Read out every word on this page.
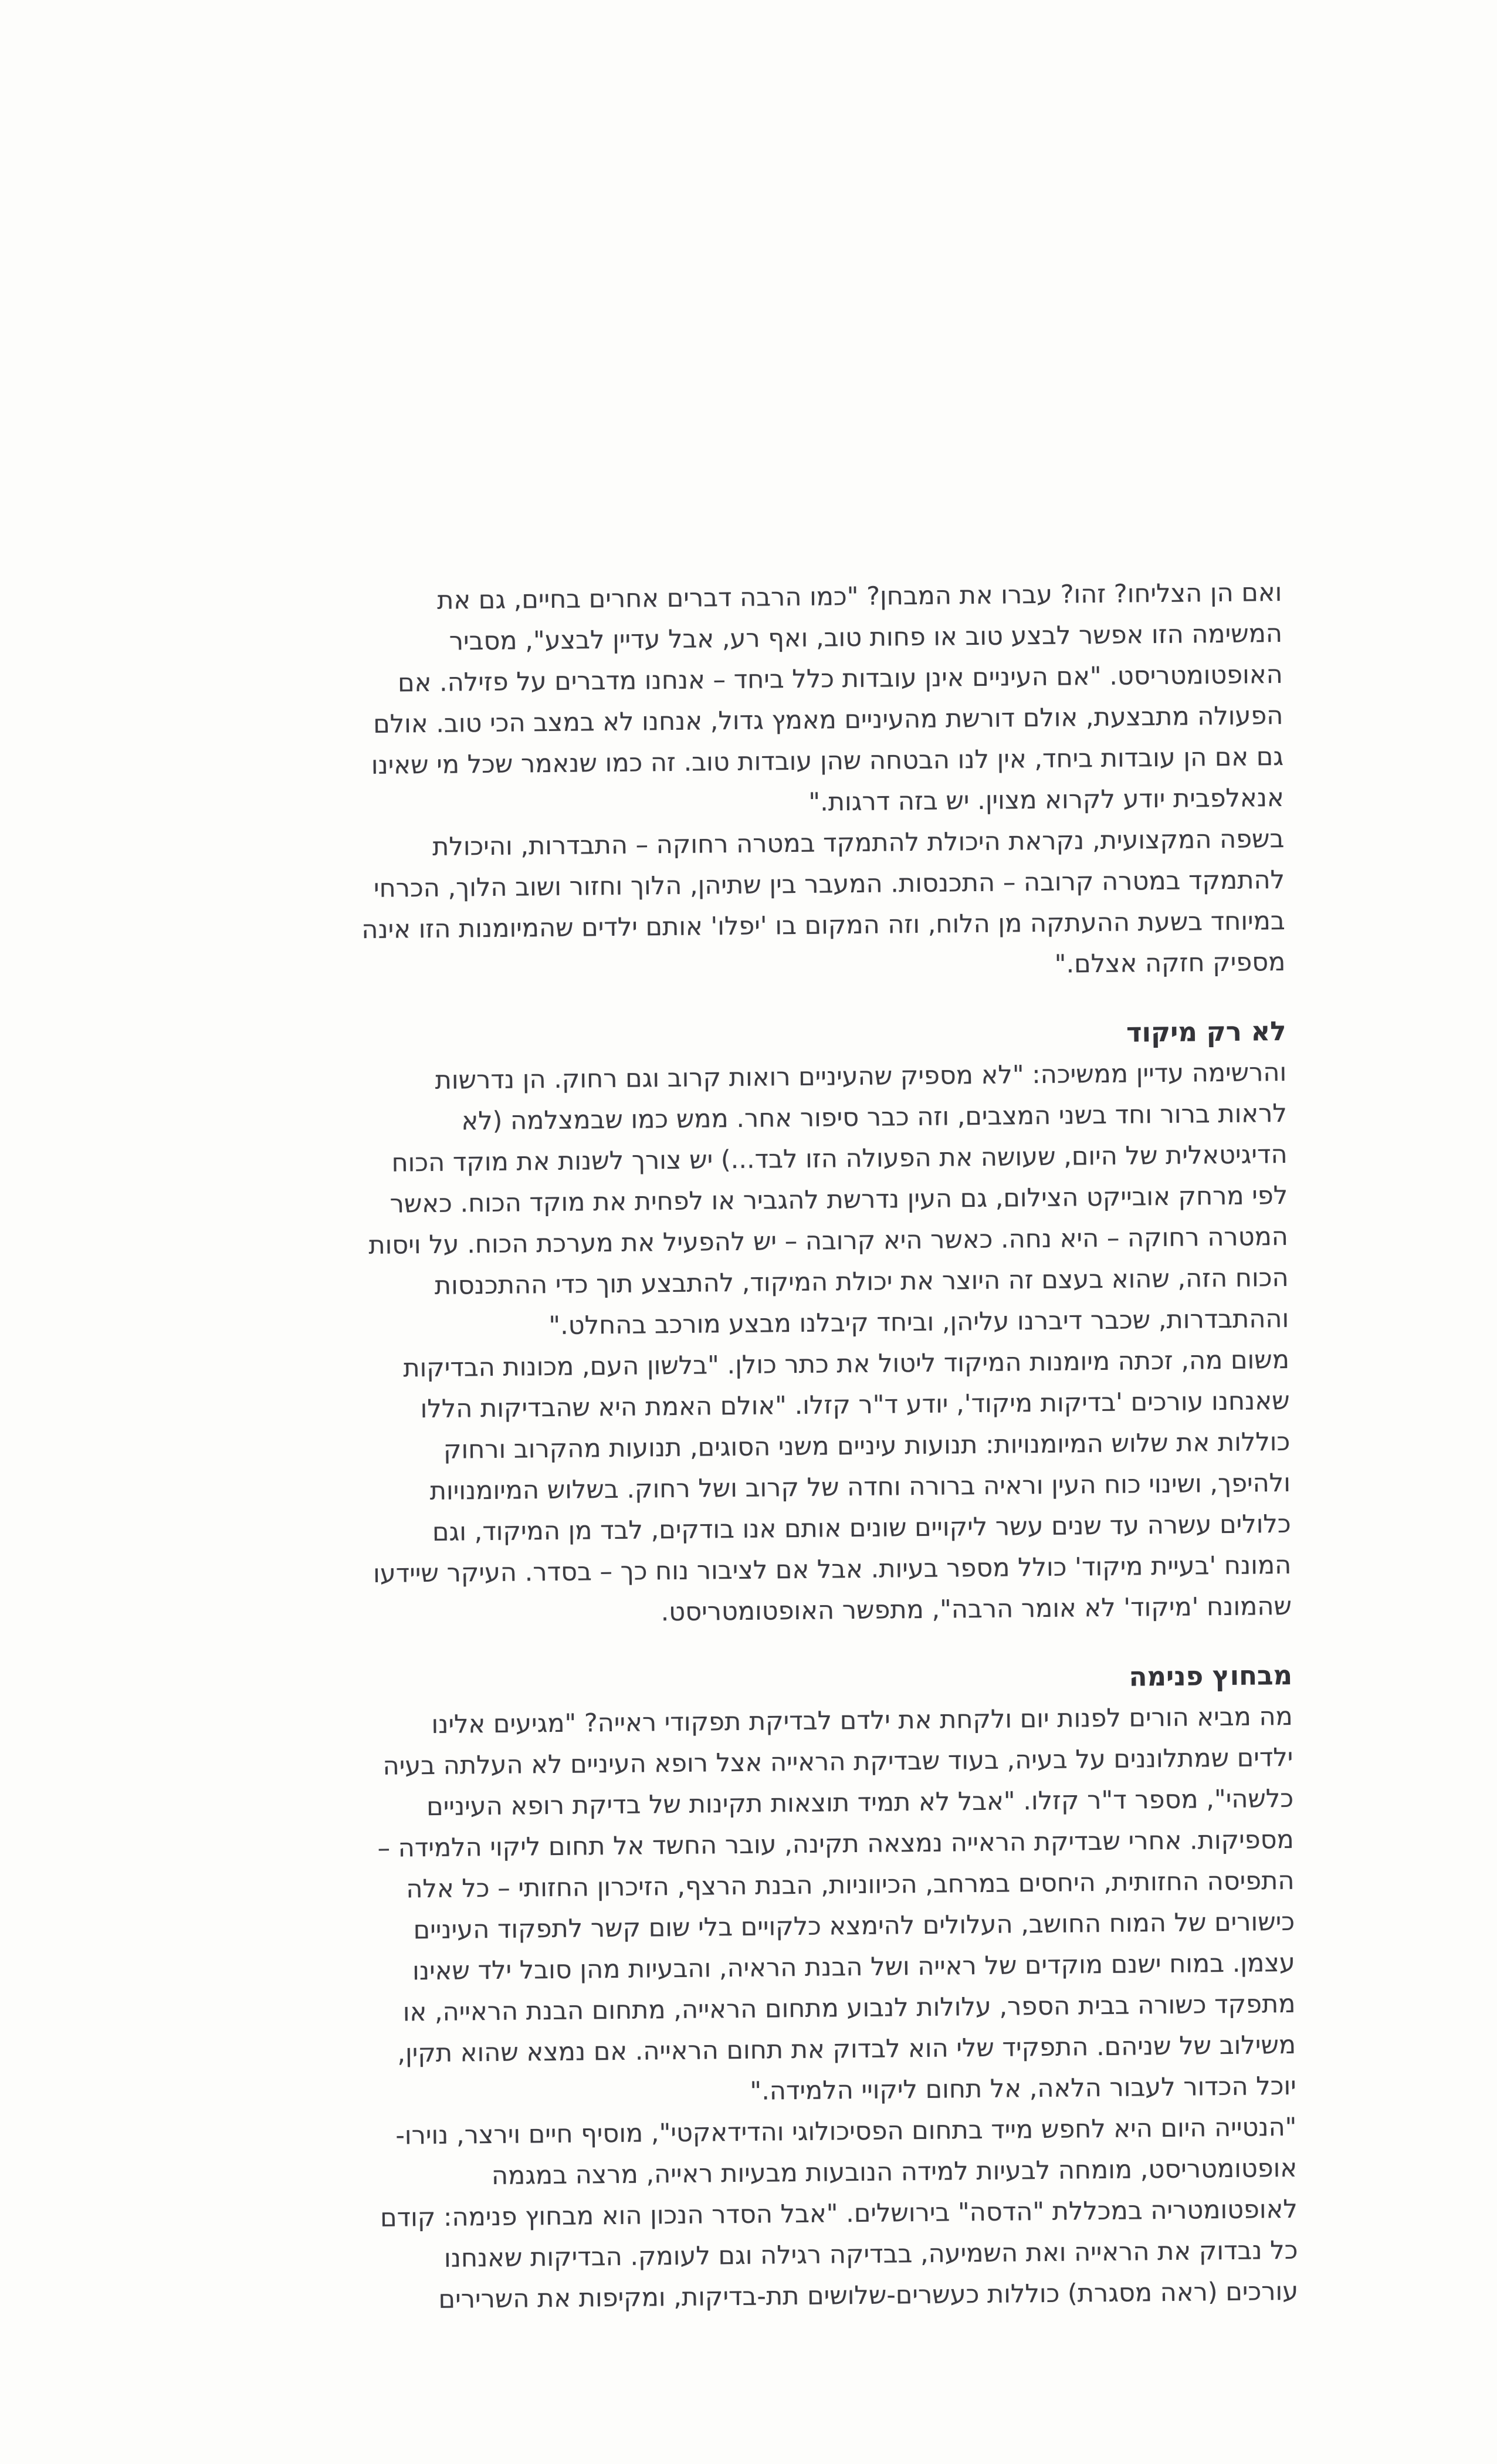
ואם הן הצליחו? זהו? עברו את המבחן? "כמו הרבה דברים אחרים בחיים, גם את
המשימה הזו אפשר לבצע טוב או פחות טוב, ואף רע, אבל עדיין לבצע", מסביר
האופטומטריסט. "אם העיניים אינן עובדות כלל ביחד – אנחנו מדברים על פזילה. אם
הפעולה מתבצעת, אולם דורשת מהעיניים מאמץ גדול, אנחנו לא במצב הכי טוב. אולם
גם אם הן עובדות ביחד, אין לנו הבטחה שהן עובדות טוב. זה כמו שנאמר שכל מי שאינו
אנאלפבית יודע לקרוא מצוין. יש בזה דרגות."

בשפה המקצועית, נקראת היכולת להתמקד במטרה רחוקה – התבדרות, והיכולת
להתמקד במטרה קרובה – התכנסות. המעבר בין שתיהן, הלוך וחזור ושוב הלוך, הכרחי
במיוחד בשעת ההעתקה מן הלוח, וזה המקום בו 'יפלו' אותם ילדים שהמיומנות הזו אינה
מספיק חזקה אצלם."

לא רק מיקוד

והרשימה עדיין ממשיכה: "לא מספיק שהעיניים רואות קרוב וגם רחוק. הן נדרשות
לראות ברור וחד בשני המצבים, וזה כבר סיפור אחר. ממש כמו שבמצלמה (לא
הדיגיטאלית של היום, שעושה את הפעולה הזו לבד...) יש צורך לשנות את מוקד הכוח
לפי מרחק אובייקט הצילום, גם העין נדרשת להגביר או לפחית את מוקד הכוח. כאשר
המטרה רחוקה – היא נחה. כאשר היא קרובה – יש להפעיל את מערכת הכוח. על ויסות
הכוח הזה, שהוא בעצם זה היוצר את יכולת המיקוד, להתבצע תוך כדי ההתכנסות
וההתבדרות, שכבר דיברנו עליהן, וביחד קיבלנו מבצע מורכב בהחלט."

משום מה, זכתה מיומנות המיקוד ליטול את כתר כולן. "בלשון העם, מכונות הבדיקות
שאנחנו עורכים 'בדיקות מיקוד', יודע ד"ר קזלו. "אולם האמת היא שהבדיקות הללו
כוללות את שלוש המיומנויות: תנועות עיניים משני הסוגים, תנועות מהקרוב ורחוק
ולהיפך, ושינוי כוח העין וראיה ברורה וחדה של קרוב ושל רחוק. בשלוש המיומנויות
כלולים עשרה עד שנים עשר ליקויים שונים אותם אנו בודקים, לבד מן המיקוד, וגם
המונח 'בעיית מיקוד' כולל מספר בעיות. אבל אם לציבור נוח כך – בסדר. העיקר שיידעו
שהמונח 'מיקוד' לא אומר הרבה", מתפשר האופטומטריסט.

מבחוץ פנימה

מה מביא הורים לפנות יום ולקחת את ילדם לבדיקת תפקודי ראייה? "מגיעים אלינו
ילדים שמתלוננים על בעיה, בעוד שבדיקת הראייה אצל רופא העיניים לא העלתה בעיה
כלשהי", מספר ד"ר קזלו. "אבל לא תמיד תוצאות תקינות של בדיקת רופא העיניים
מספיקות. אחרי שבדיקת הראייה נמצאה תקינה, עובר החשד אל תחום ליקוי הלמידה –
התפיסה החזותית, היחסים במרחב, הכיווניות, הבנת הרצף, הזיכרון החזותי – כל אלה
כישורים של המוח החושב, העלולים להימצא כלקויים בלי שום קשר לתפקוד העיניים
עצמן. במוח ישנם מוקדים של ראייה ושל הבנת הראיה, והבעיות מהן סובל ילד שאינו
מתפקד כשורה בבית הספר, עלולות לנבוע מתחום הראייה, מתחום הבנת הראייה, או
משילוב של שניהם. התפקיד שלי הוא לבדוק את תחום הראייה. אם נמצא שהוא תקין,
יוכל הכדור לעבור הלאה, אל תחום ליקויי הלמידה."

"הנטייה היום היא לחפש מייד בתחום הפסיכולוגי והדידאקטי", מוסיף חיים וירצר, נוירו-
אופטומטריסט, מומחה לבעיות למידה הנובעות מבעיות ראייה, מרצה במגמה
לאופטומטריה במכללת "הדסה" בירושלים. "אבל הסדר הנכון הוא מבחוץ פנימה: קודם
כל נבדוק את הראייה ואת השמיעה, בבדיקה רגילה וגם לעומק. הבדיקות שאנחנו
עורכים (ראה מסגרת) כוללות כעשרים-שלושים תת-בדיקות, ומקיפות את השרירים
